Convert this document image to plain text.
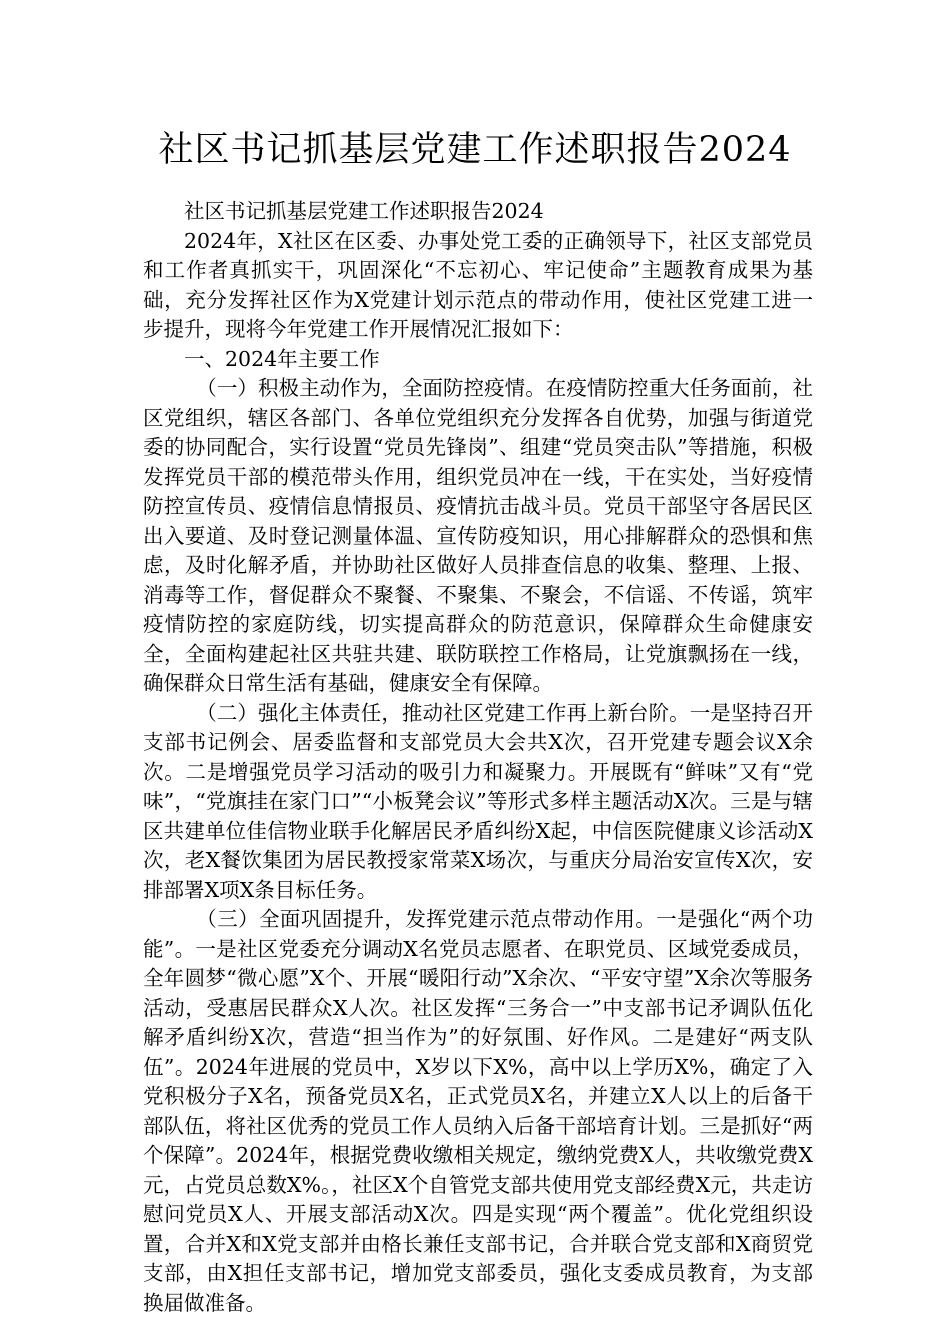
社区书记抓基层党建工作述职报告2024

社区书记抓基层党建工作述职报告2024

2024年，X社区在区委、办事处党工委的正确领导下，社区支部党员和工作者真抓实干，巩固深化“不忘初心、牢记使命”主题教育成果为基础，充分发挥社区作为X党建计划示范点的带动作用，使社区党建工进一步提升，现将今年党建工作开展情况汇报如下：

一、2024年主要工作

（一）积极主动作为，全面防控疫情。在疫情防控重大任务面前，社区党组织，辖区各部门、各单位党组织充分发挥各自优势，加强与街道党委的协同配合，实行设置“党员先锋岗”、组建“党员突击队”等措施，积极发挥党员干部的模范带头作用，组织党员冲在一线，干在实处，当好疫情防控宣传员、疫情信息情报员、疫情抗击战斗员。党员干部坚守各居民区出入要道、及时登记测量体温、宣传防疫知识，用心排解群众的恐惧和焦虑，及时化解矛盾，并协助社区做好人员排查信息的收集、整理、上报、消毒等工作，督促群众不聚餐、不聚集、不聚会，不信谣、不传谣，筑牢疫情防控的家庭防线，切实提高群众的防范意识，保障群众生命健康安全，全面构建起社区共驻共建、联防联控工作格局，让党旗飘扬在一线，确保群众日常生活有基础，健康安全有保障。

（二）强化主体责任，推动社区党建工作再上新台阶。一是坚持召开支部书记例会、居委监督和支部党员大会共X次，召开党建专题会议X余次。二是增强党员学习活动的吸引力和凝聚力。开展既有“鲜味”又有“党味”，“党旗挂在家门口”“小板凳会议”等形式多样主题活动X次。三是与辖区共建单位佳信物业联手化解居民矛盾纠纷X起，中信医院健康义诊活动X次，老X餐饮集团为居民教授家常菜X场次，与重庆分局治安宣传X次，安排部署X项X条目标任务。

（三）全面巩固提升，发挥党建示范点带动作用。一是强化“两个功能”。一是社区党委充分调动X名党员志愿者、在职党员、区域党委成员，全年圆梦“微心愿”X个、开展“暖阳行动”X余次、“平安守望”X余次等服务活动，受惠居民群众X人次。社区发挥“三务合一”中支部书记矛调队伍化解矛盾纠纷X次，营造“担当作为”的好氛围、好作风。二是建好“两支队伍”。2024年进展的党员中，X岁以下X%，高中以上学历X%，确定了入党积极分子X名，预备党员X名，正式党员X名，并建立X人以上的后备干部队伍，将社区优秀的党员工作人员纳入后备干部培育计划。三是抓好“两个保障”。2024年，根据党费收缴相关规定，缴纳党费X人，共收缴党费X元，占党员总数X%。，社区X个自管党支部共使用党支部经费X元，共走访慰问党员X人、开展支部活动X次。四是实现“两个覆盖”。优化党组织设置，合并X和X党支部并由格长兼任支部书记，合并联合党支部和X商贸党支部，由X担任支部书记，增加党支部委员，强化支委成员教育，为支部换届做准备。
